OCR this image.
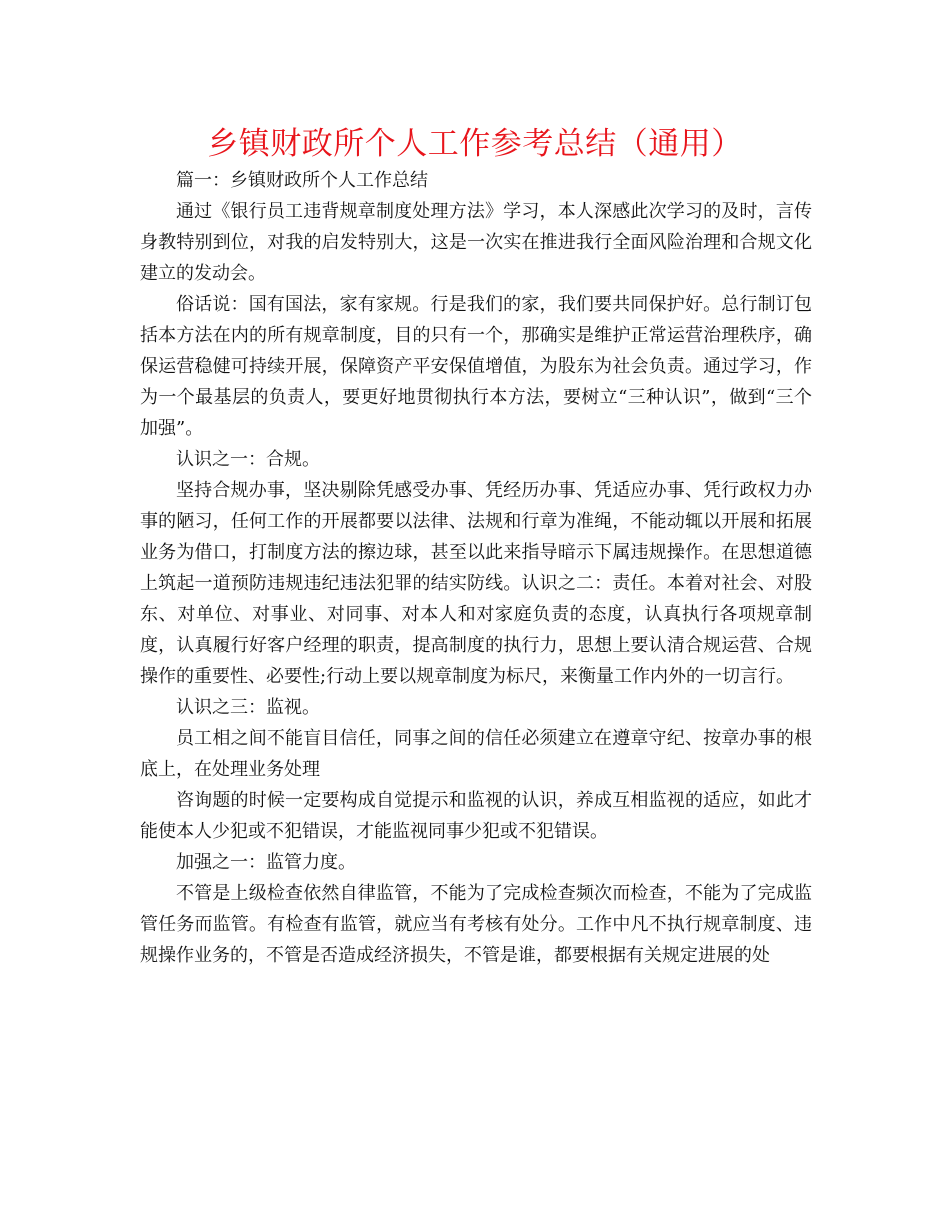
乡镇财政所个人工作参考总结（通用）

篇一：乡镇财政所个人工作总结

通过《银行员工违背规章制度处理方法》学习，本人深感此次学习的及时，言传身教特别到位，对我的启发特别大，这是一次实在推进我行全面风险治理和合规文化建立的发动会。

俗话说：国有国法，家有家规。行是我们的家，我们要共同保护好。总行制订包括本方法在内的所有规章制度，目的只有一个，那确实是维护正常运营治理秩序，确保运营稳健可持续开展，保障资产平安保值增值，为股东为社会负责。通过学习，作为一个最基层的负责人，要更好地贯彻执行本方法，要树立“三种认识”，做到“三个加强”。

认识之一：合规。

坚持合规办事，坚决剔除凭感受办事、凭经历办事、凭适应办事、凭行政权力办事的陋习，任何工作的开展都要以法律、法规和行章为准绳，不能动辄以开展和拓展业务为借口，打制度方法的擦边球，甚至以此来指导暗示下属违规操作。在思想道德上筑起一道预防违规违纪违法犯罪的结实防线。认识之二：责任。本着对社会、对股东、对单位、对事业、对同事、对本人和对家庭负责的态度，认真执行各项规章制度，认真履行好客户经理的职责，提高制度的执行力，思想上要认清合规运营、合规操作的重要性、必要性;行动上要以规章制度为标尺，来衡量工作内外的一切言行。

认识之三：监视。

员工相之间不能盲目信任，同事之间的信任必须建立在遵章守纪、按章办事的根底上，在处理业务处理

咨询题的时候一定要构成自觉提示和监视的认识，养成互相监视的适应，如此才能使本人少犯或不犯错误，才能监视同事少犯或不犯错误。

加强之一：监管力度。

不管是上级检查依然自律监管，不能为了完成检查频次而检查，不能为了完成监管任务而监管。有检查有监管，就应当有考核有处分。工作中凡不执行规章制度、违规操作业务的，不管是否造成经济损失，不管是谁，都要根据有关规定进展的处
